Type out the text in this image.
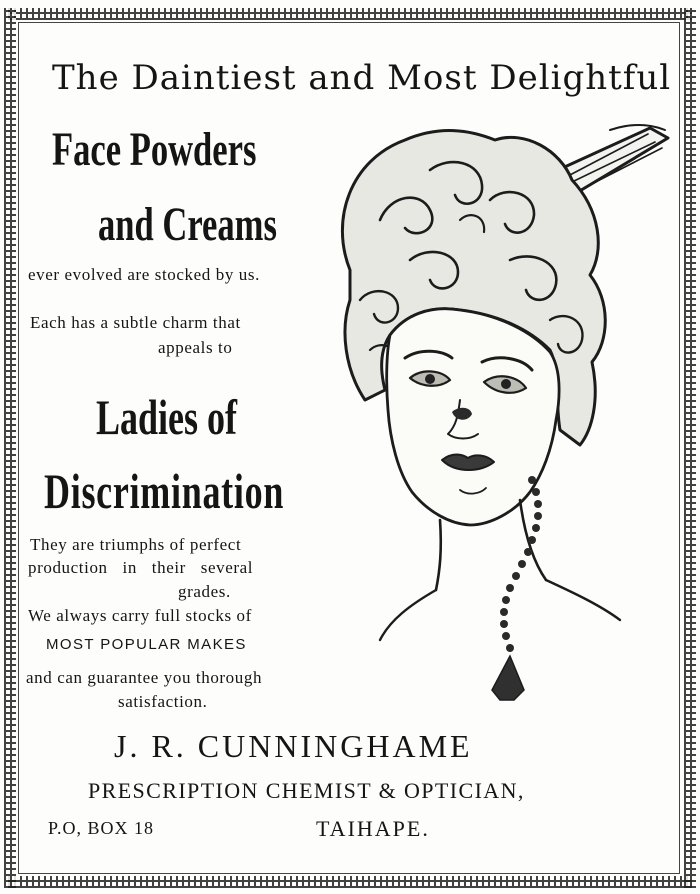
The Daintiest and Most Delightful
Face Powders
and Creams
ever evolved are stocked by us.
Each has a subtle charm that
appeals to
Ladies of
Discrimination
They are triumphs of perfect
production in their several
grades.
We always carry full stocks of
MOST POPULAR MAKES
and can guarantee you thorough
satisfaction.
J. R. CUNNINGHAME
PRESCRIPTION CHEMIST & OPTICIAN,
P.O, BOX 18	TAIHAPE.
